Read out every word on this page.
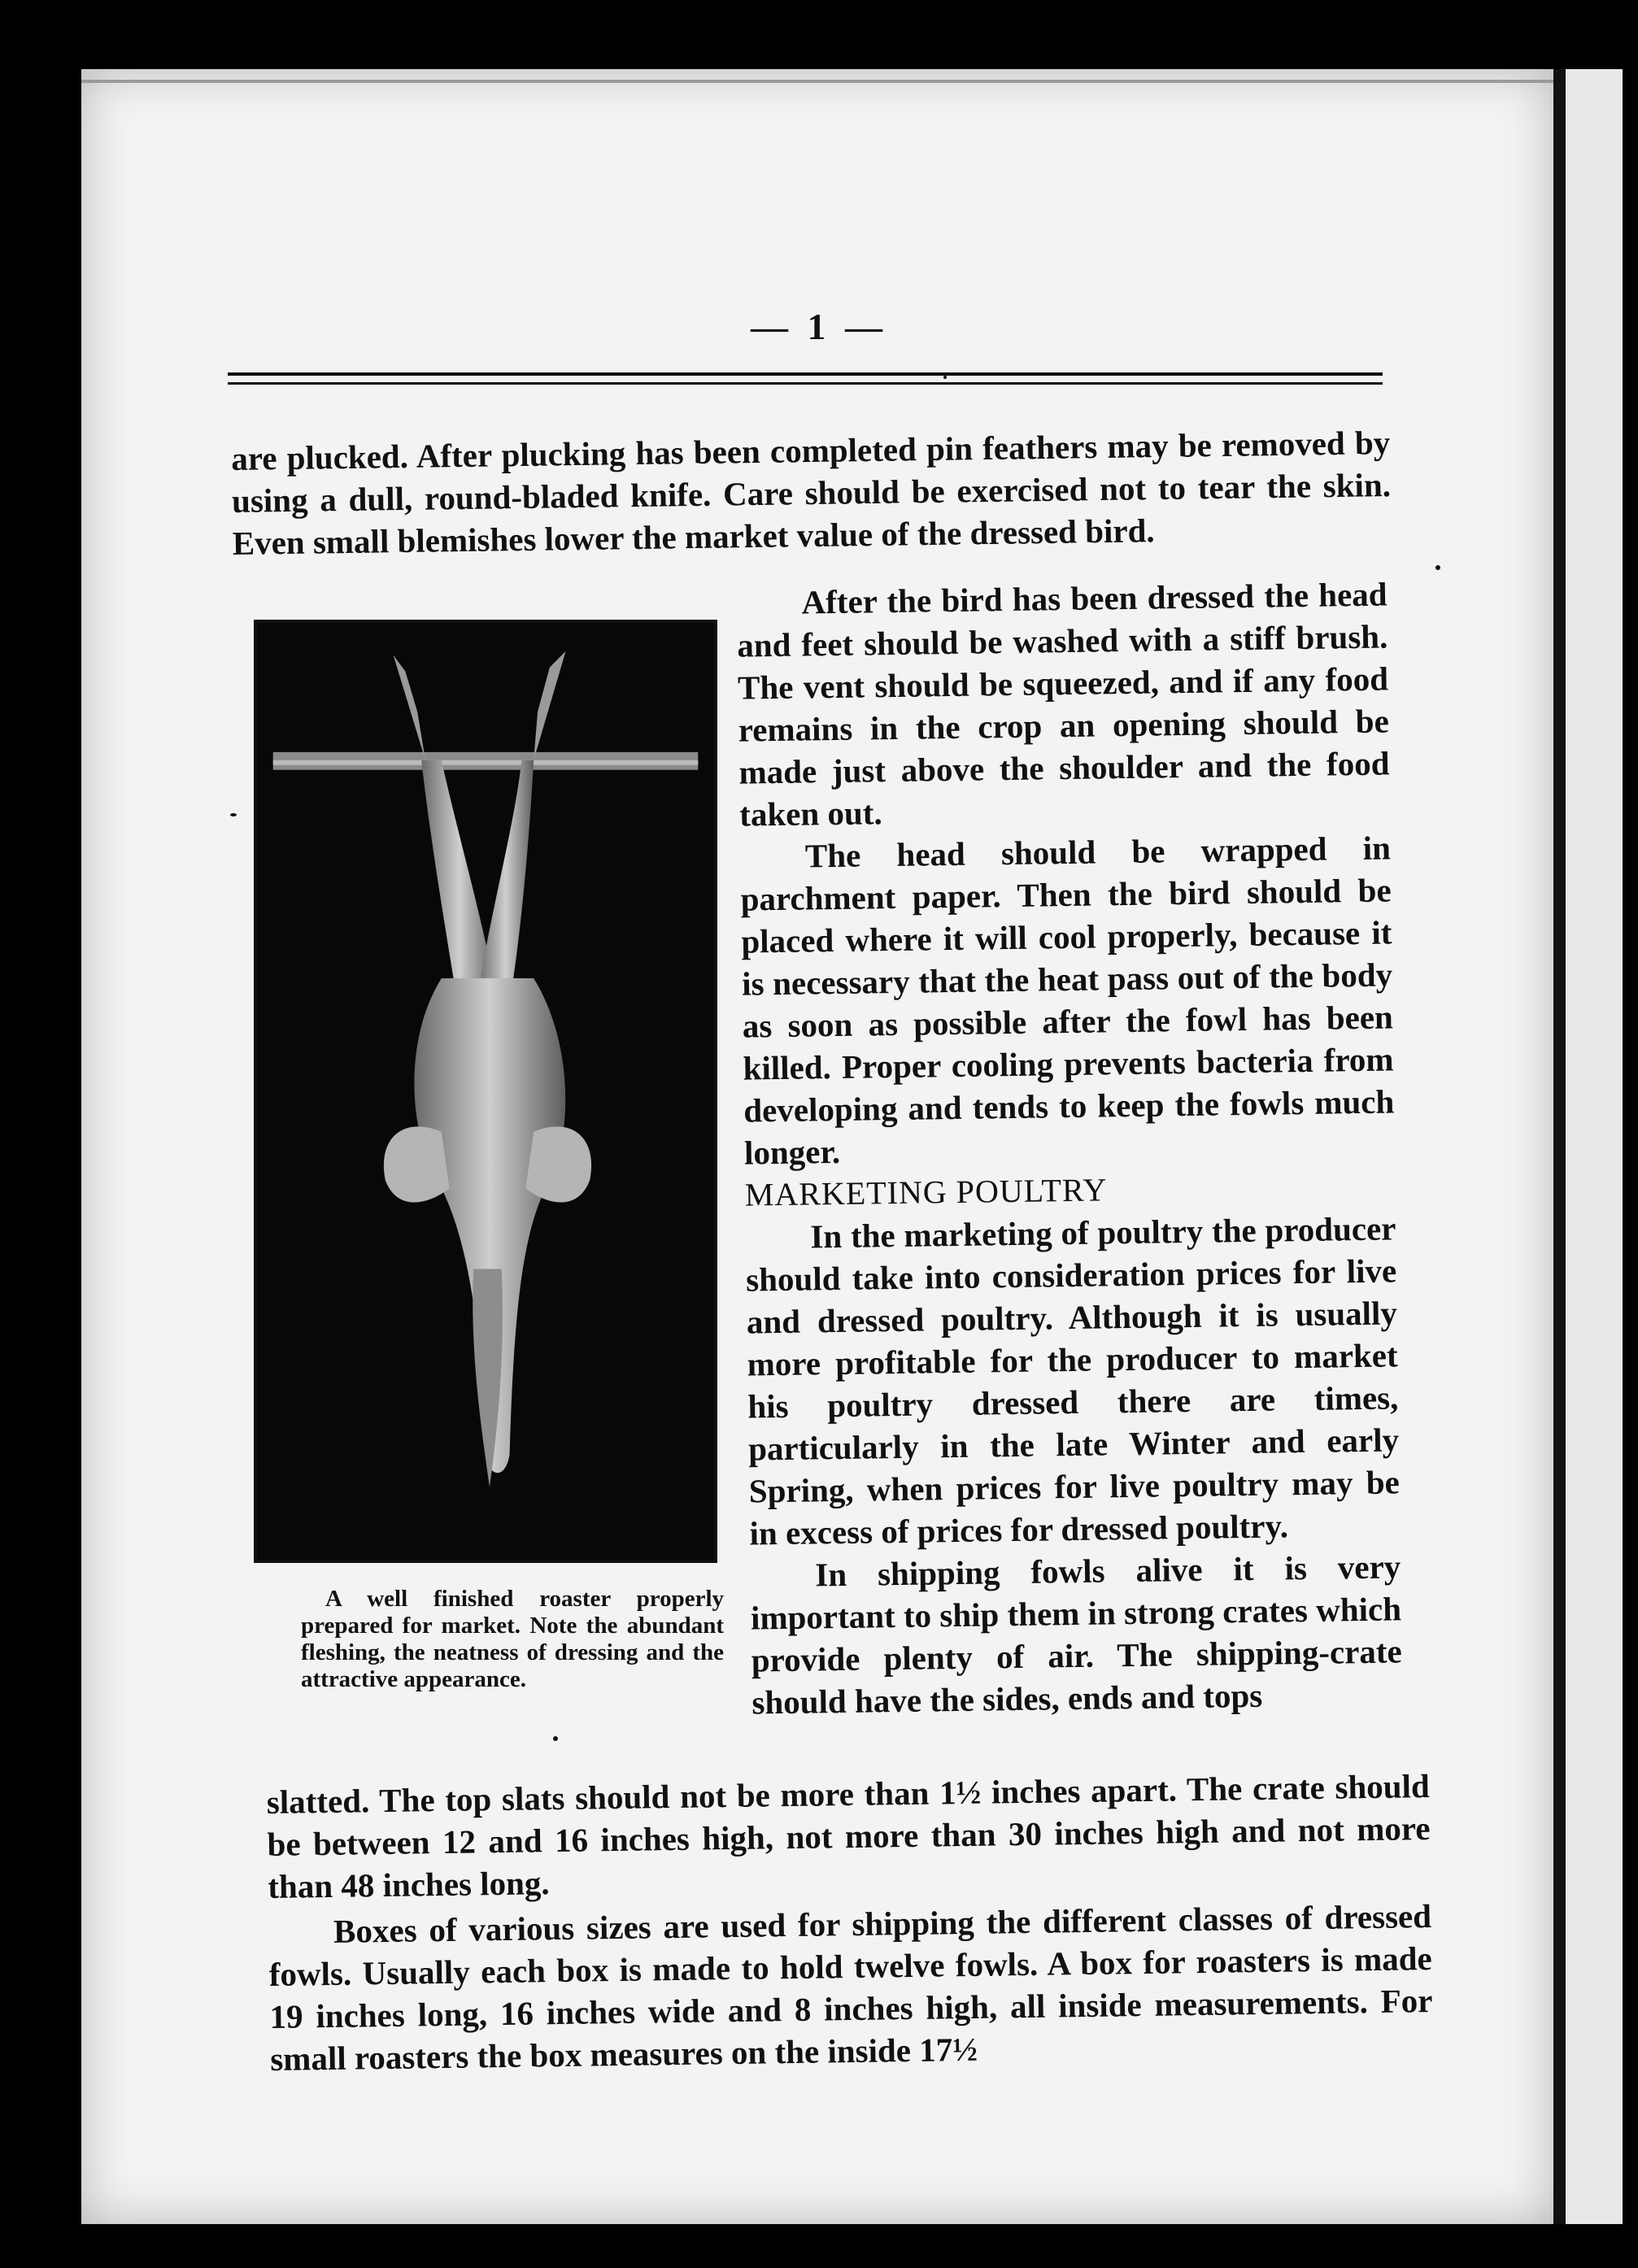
— 1 —

are plucked. After plucking has been completed pin feathers may be removed by using a dull, round-bladed knife. Care should be exercised not to tear the skin. Even small blemishes lower the market value of the dressed bird.

A well finished roaster properly prepared for market. Note the abundant fleshing, the neatness of dressing and the attractive appearance.

After the bird has been dressed the head and feet should be washed with a stiff brush. The vent should be squeezed, and if any food remains in the crop an opening should be made just above the shoulder and the food taken out.

The head should be wrapped in parchment paper. Then the bird should be placed where it will cool properly, because it is necessary that the heat pass out of the body as soon as possible after the fowl has been killed. Proper cooling prevents bacteria from developing and tends to keep the fowls much longer.

MARKETING POULTRY

In the marketing of poultry the producer should take into consideration prices for live and dressed poultry. Although it is usually more profitable for the producer to market his poultry dressed there are times, particularly in the late Winter and early Spring, when prices for live poultry may be in excess of prices for dressed poultry.

In shipping fowls alive it is very important to ship them in strong crates which provide plenty of air. The shipping-crate should have the sides, ends and tops

slatted. The top slats should not be more than 1½ inches apart. The crate should be between 12 and 16 inches high, not more than 30 inches high and not more than 48 inches long.

Boxes of various sizes are used for shipping the different classes of dressed fowls. Usually each box is made to hold twelve fowls. A box for roasters is made 19 inches long, 16 inches wide and 8 inches high, all inside measurements. For small roasters the box measures on the inside 17½
